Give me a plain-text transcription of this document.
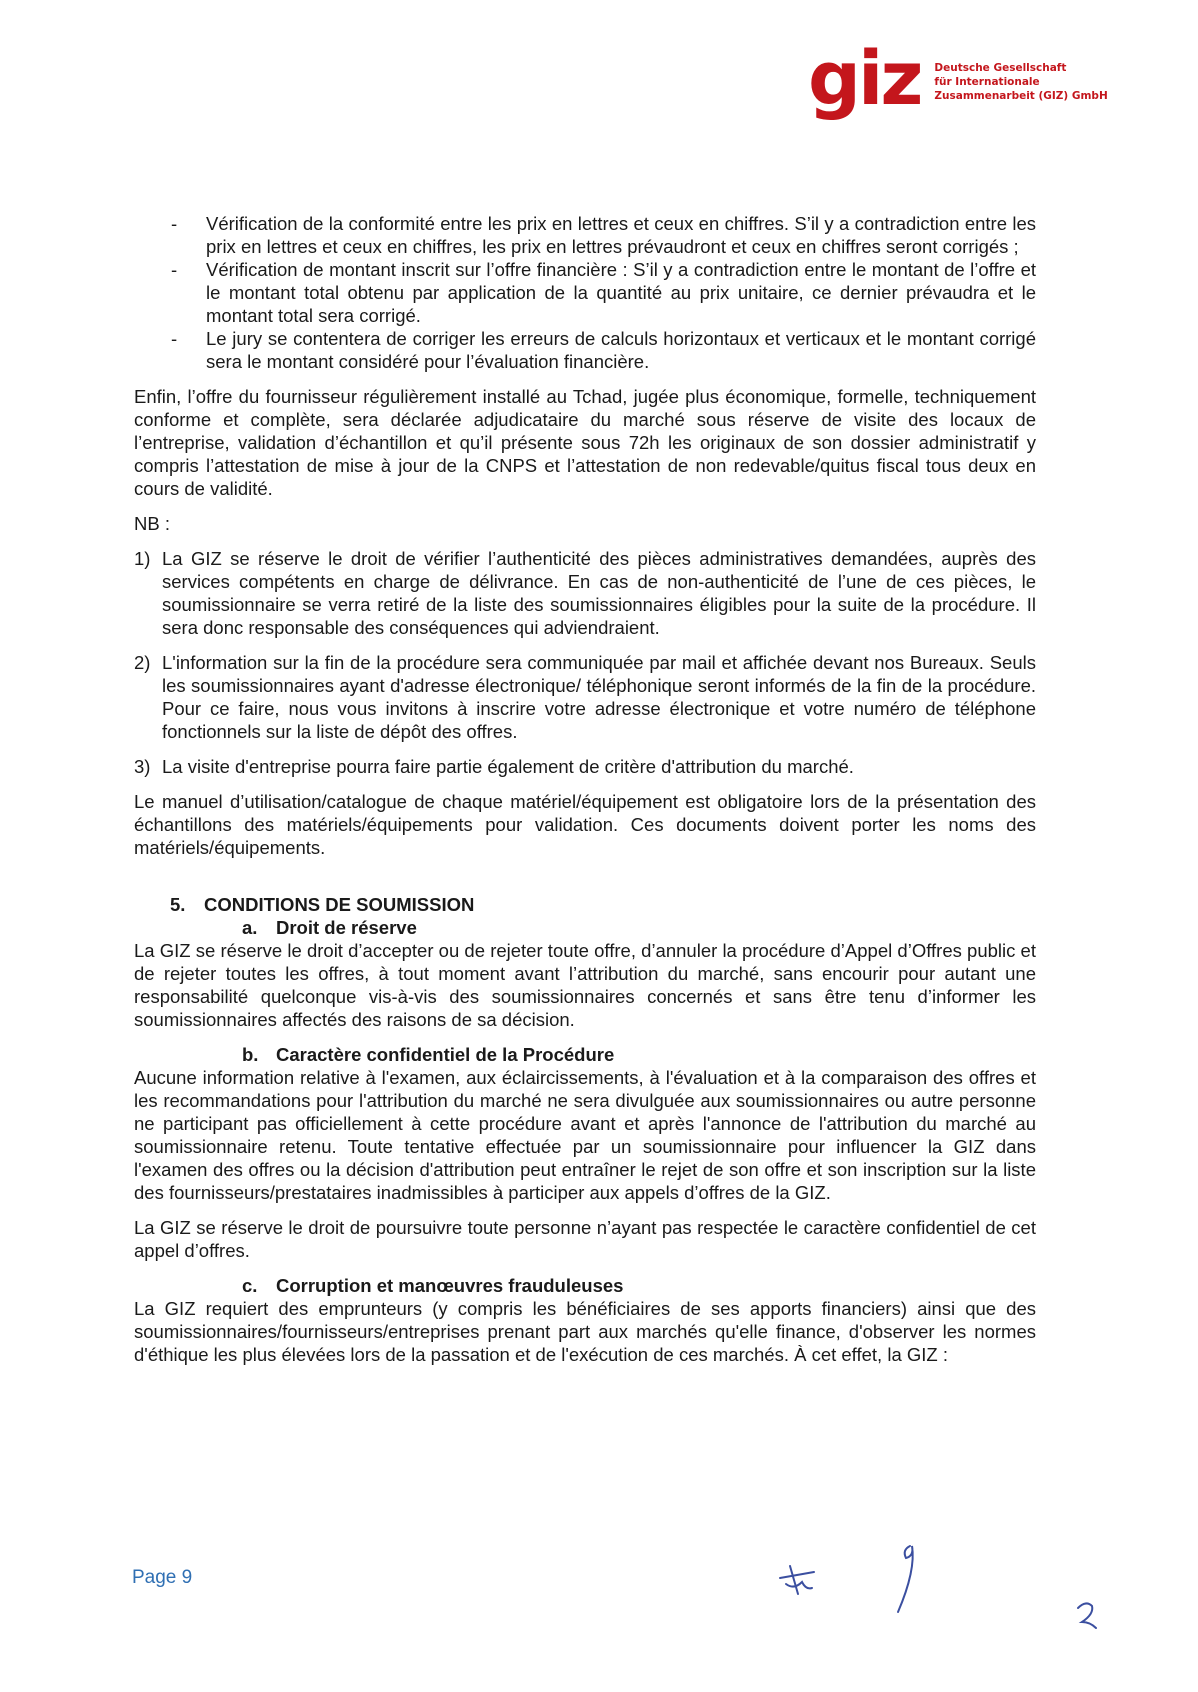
giz Deutsche Gesellschaft
für Internationale
Zusammenarbeit (GIZ) GmbH
- Vérification de la conformité entre les prix en lettres et ceux en chiffres. S’il y a contradiction entre les prix en lettres et ceux en chiffres, les prix en lettres prévaudront et ceux en chiffres seront corrigés ;
- Vérification de montant inscrit sur l’offre financière : S’il y a contradiction entre le montant de l’offre et le montant total obtenu par application de la quantité au prix unitaire, ce dernier prévaudra et le montant total sera corrigé.
- Le jury se contentera de corriger les erreurs de calculs horizontaux et verticaux et le montant corrigé sera le montant considéré pour l’évaluation financière.

Enfin, l’offre du fournisseur régulièrement installé au Tchad, jugée plus économique, formelle, techniquement conforme et complète, sera déclarée adjudicataire du marché sous réserve de visite des locaux de l’entreprise, validation d’échantillon et qu’il présente sous 72h les originaux de son dossier administratif y compris l’attestation de mise à jour de la CNPS et l’attestation de non redevable/quitus fiscal tous deux en cours de validité.

NB :

1) La GIZ se réserve le droit de vérifier l’authenticité des pièces administratives demandées, auprès des services compétents en charge de délivrance. En cas de non-authenticité de l’une de ces pièces, le soumissionnaire se verra retiré de la liste des soumissionnaires éligibles pour la suite de la procédure. Il sera donc responsable des conséquences qui adviendraient.
2) L'information sur la fin de la procédure sera communiquée par mail et affichée devant nos Bureaux. Seuls les soumissionnaires ayant d'adresse électronique/ téléphonique seront informés de la fin de la procédure. Pour ce faire, nous vous invitons à inscrire votre adresse électronique et votre numéro de téléphone fonctionnels sur la liste de dépôt des offres.
3) La visite d'entreprise pourra faire partie également de critère d'attribution du marché.

Le manuel d’utilisation/catalogue de chaque matériel/équipement est obligatoire lors de la présentation des échantillons des matériels/équipements pour validation. Ces documents doivent porter les noms des matériels/équipements.

5. CONDITIONS DE SOUMISSION
a. Droit de réserve

La GIZ se réserve le droit d’accepter ou de rejeter toute offre, d’annuler la procédure d’Appel d’Offres public et de rejeter toutes les offres, à tout moment avant l’attribution du marché, sans encourir pour autant une responsabilité quelconque vis-à-vis des soumissionnaires concernés et sans être tenu d’informer les soumissionnaires affectés des raisons de sa décision.

b. Caractère confidentiel de la Procédure

Aucune information relative à l'examen, aux éclaircissements, à l'évaluation et à la comparaison des offres et les recommandations pour l'attribution du marché ne sera divulguée aux soumissionnaires ou autre personne ne participant pas officiellement à cette procédure avant et après l'annonce de l'attribution du marché au soumissionnaire retenu. Toute tentative effectuée par un soumissionnaire pour influencer la GIZ dans l'examen des offres ou la décision d'attribution peut entraîner le rejet de son offre et son inscription sur la liste des fournisseurs/prestataires inadmissibles à participer aux appels d’offres de la GIZ.

La GIZ se réserve le droit de poursuivre toute personne n’ayant pas respectée le caractère confidentiel de cet appel d’offres.

c. Corruption et manœuvres frauduleuses

La GIZ requiert des emprunteurs (y compris les bénéficiaires de ses apports financiers) ainsi que des soumissionnaires/fournisseurs/entreprises prenant part aux marchés qu'elle finance, d'observer les normes d'éthique les plus élevées lors de la passation et de l'exécution de ces marchés. À cet effet, la GIZ :

Page 9
